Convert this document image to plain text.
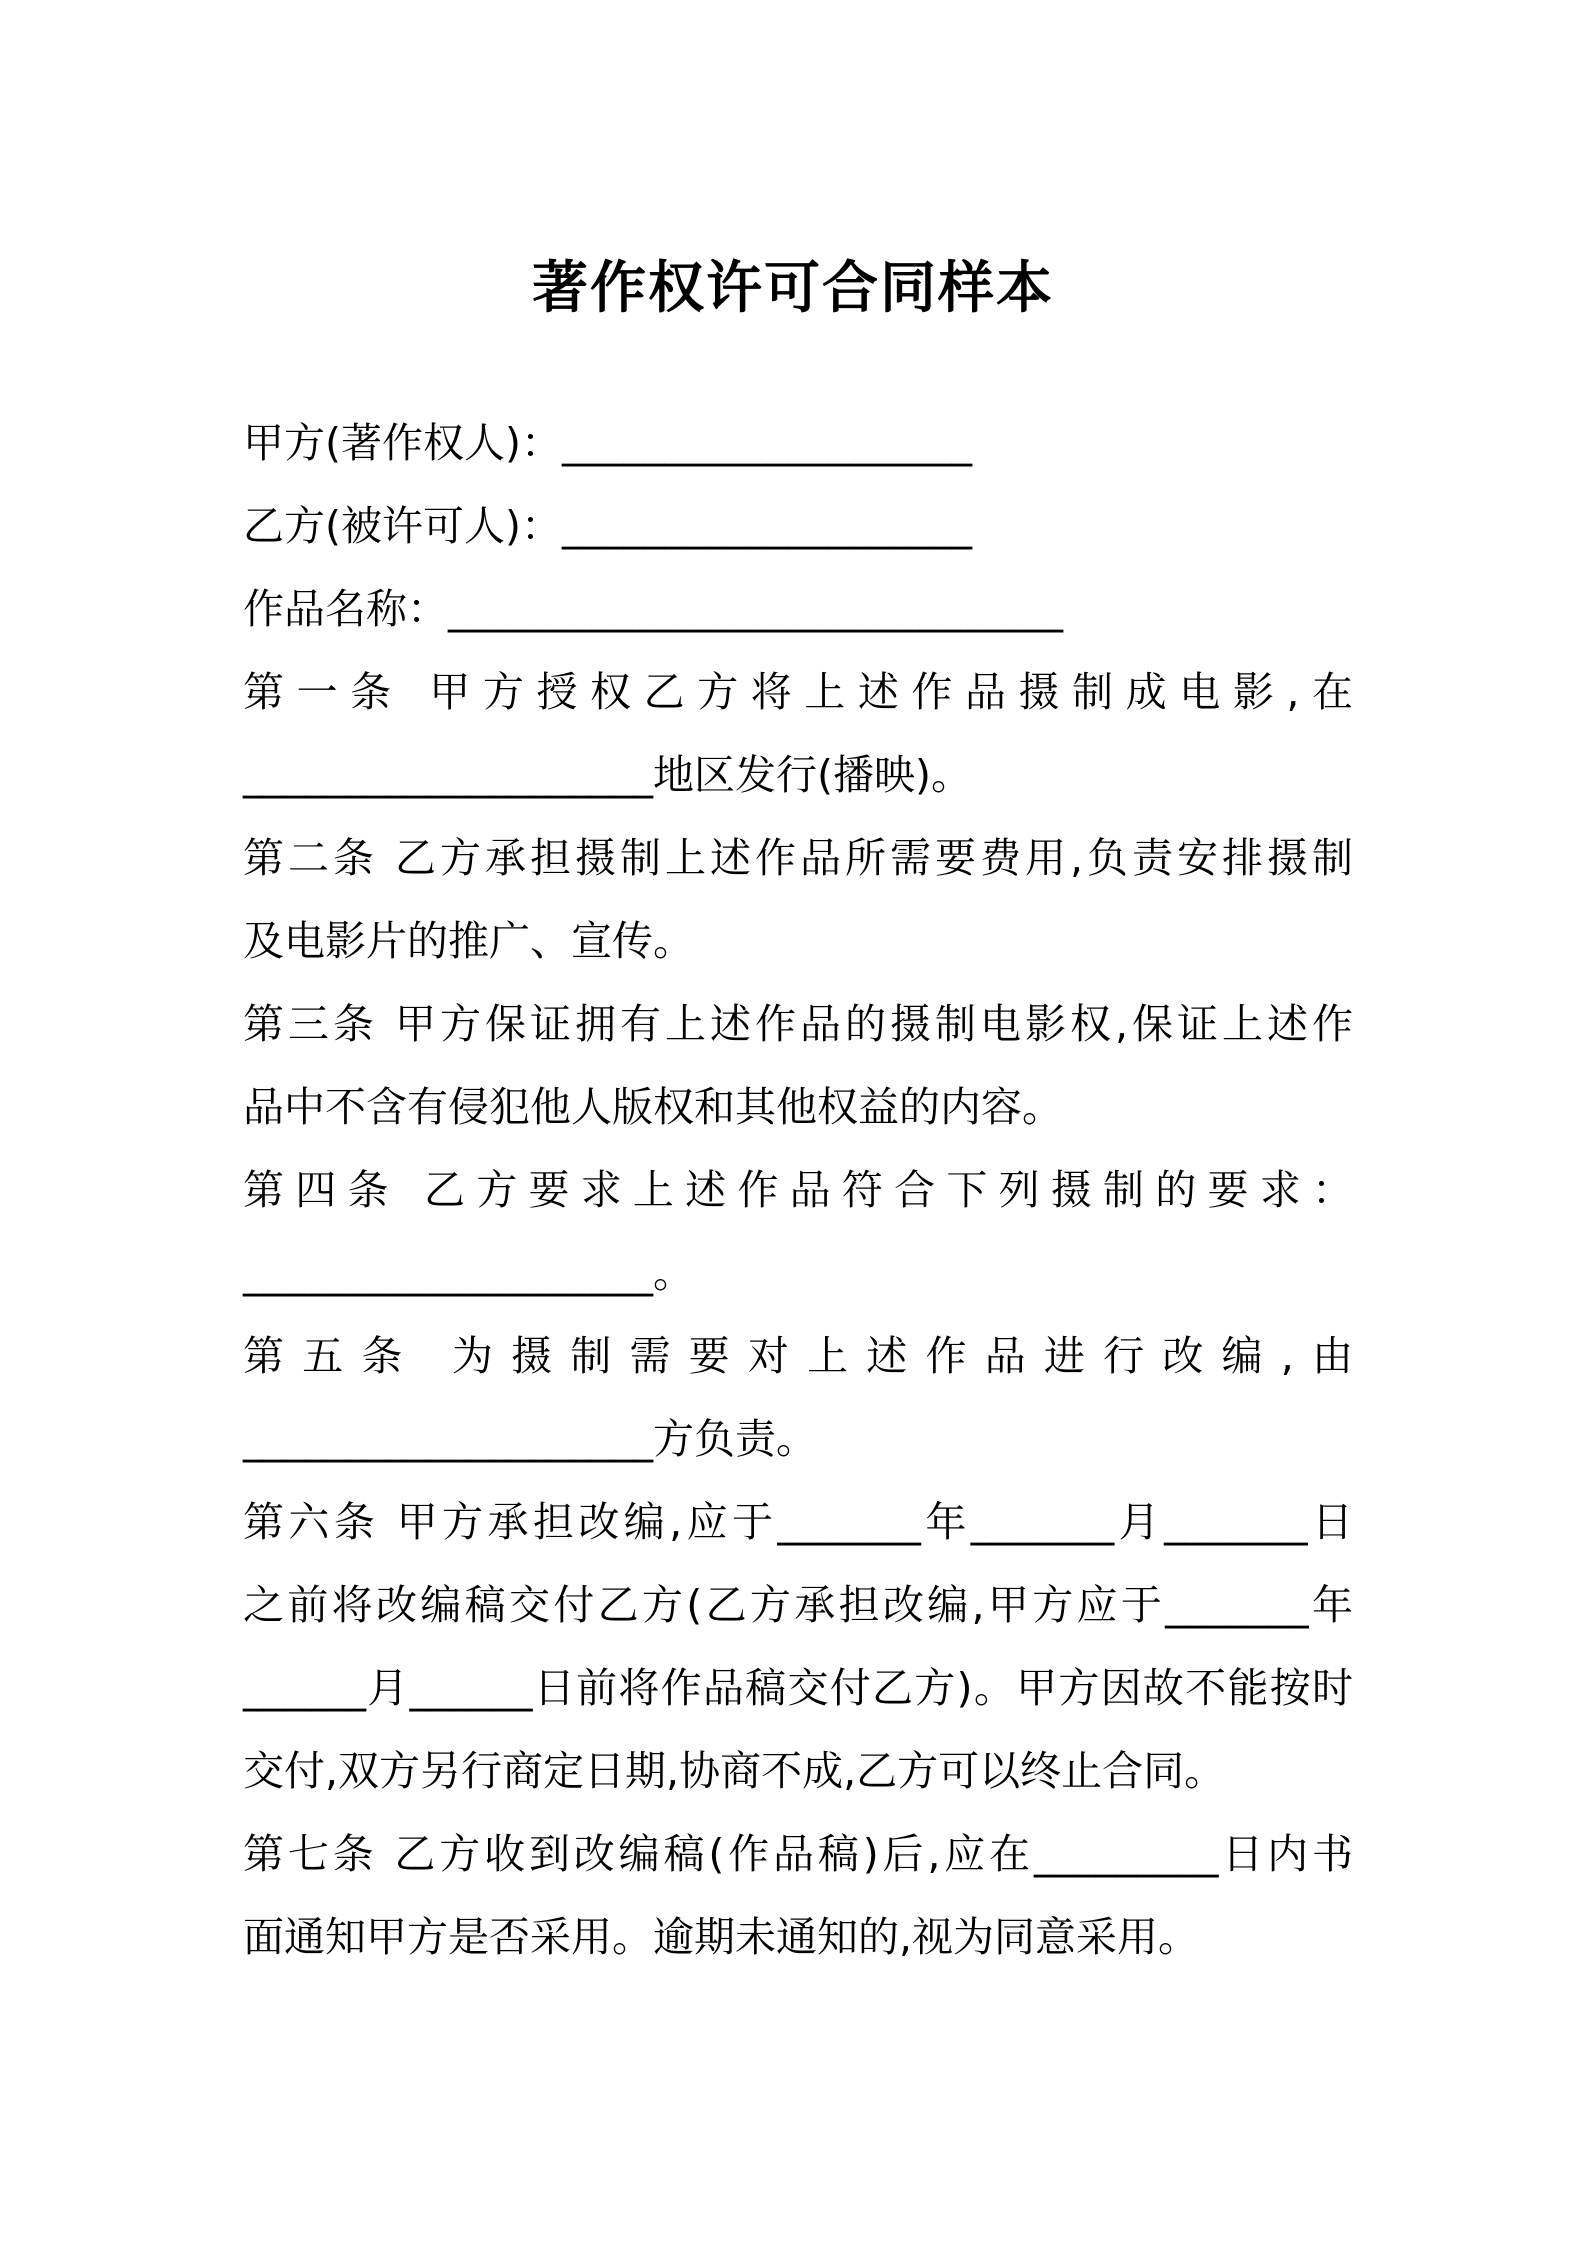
著作权许可合同样本
甲方(著作权人)：____________________
乙方(被许可人)：____________________
作品名称：______________________________
第一条 甲方授权乙方将上述作品摄制成电影,在
____________________地区发行(播映)。
第二条 乙方承担摄制上述作品所需要费用,负责安排摄制
及电影片的推广、宣传。
第三条 甲方保证拥有上述作品的摄制电影权,保证上述作
品中不含有侵犯他人版权和其他权益的内容。
第四条 乙方要求上述作品符合下列摄制的要求：
____________________。
第五条 为摄制需要对上述作品进行改编,由
____________________方负责。
第六条 甲方承担改编,应于_______年_______月_______日
之前将改编稿交付乙方(乙方承担改编,甲方应于_______年
______月______日前将作品稿交付乙方)。甲方因故不能按时
交付,双方另行商定日期,协商不成,乙方可以终止合同。
第七条 乙方收到改编稿(作品稿)后,应在_________日内书
面通知甲方是否采用。逾期未通知的,视为同意采用。
